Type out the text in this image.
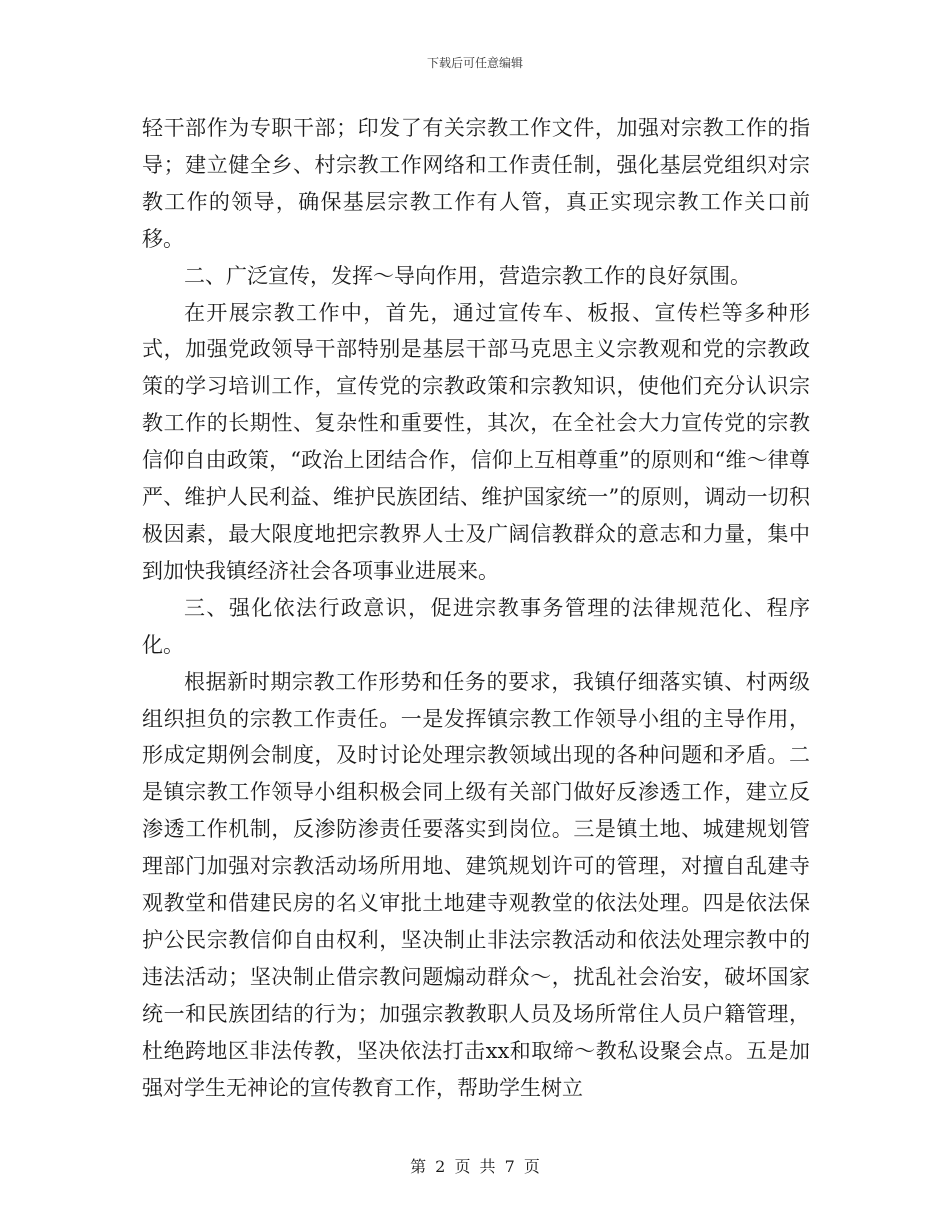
下载后可任意编辑

轻干部作为专职干部；印发了有关宗教工作文件，加强对宗教工作的指导；建立健全乡、村宗教工作网络和工作责任制，强化基层党组织对宗教工作的领导，确保基层宗教工作有人管，真正实现宗教工作关口前移。

二、广泛宣传，发挥～导向作用，营造宗教工作的良好氛围。

在开展宗教工作中，首先，通过宣传车、板报、宣传栏等多种形式，加强党政领导干部特别是基层干部马克思主义宗教观和党的宗教政策的学习培训工作，宣传党的宗教政策和宗教知识，使他们充分认识宗教工作的长期性、复杂性和重要性，其次，在全社会大力宣传党的宗教信仰自由政策，“政治上团结合作，信仰上互相尊重”的原则和“维～律尊严、维护人民利益、维护民族团结、维护国家统一”的原则，调动一切积极因素，最大限度地把宗教界人士及广阔信教群众的意志和力量，集中到加快我镇经济社会各项事业进展来。

三、强化依法行政意识，促进宗教事务管理的法律规范化、程序化。

根据新时期宗教工作形势和任务的要求，我镇仔细落实镇、村两级组织担负的宗教工作责任。一是发挥镇宗教工作领导小组的主导作用，形成定期例会制度，及时讨论处理宗教领域出现的各种问题和矛盾。二是镇宗教工作领导小组积极会同上级有关部门做好反渗透工作，建立反渗透工作机制，反渗防渗责任要落实到岗位。三是镇土地、城建规划管理部门加强对宗教活动场所用地、建筑规划许可的管理，对擅自乱建寺观教堂和借建民房的名义审批土地建寺观教堂的依法处理。四是依法保护公民宗教信仰自由权利，坚决制止非法宗教活动和依法处理宗教中的违法活动；坚决制止借宗教问题煽动群众～，扰乱社会治安，破坏国家统一和民族团结的行为；加强宗教教职人员及场所常住人员户籍管理，杜绝跨地区非法传教，坚决依法打击xx和取缔～教私设聚会点。五是加强对学生无神论的宣传教育工作，帮助学生树立

第 2 页 共 7 页
